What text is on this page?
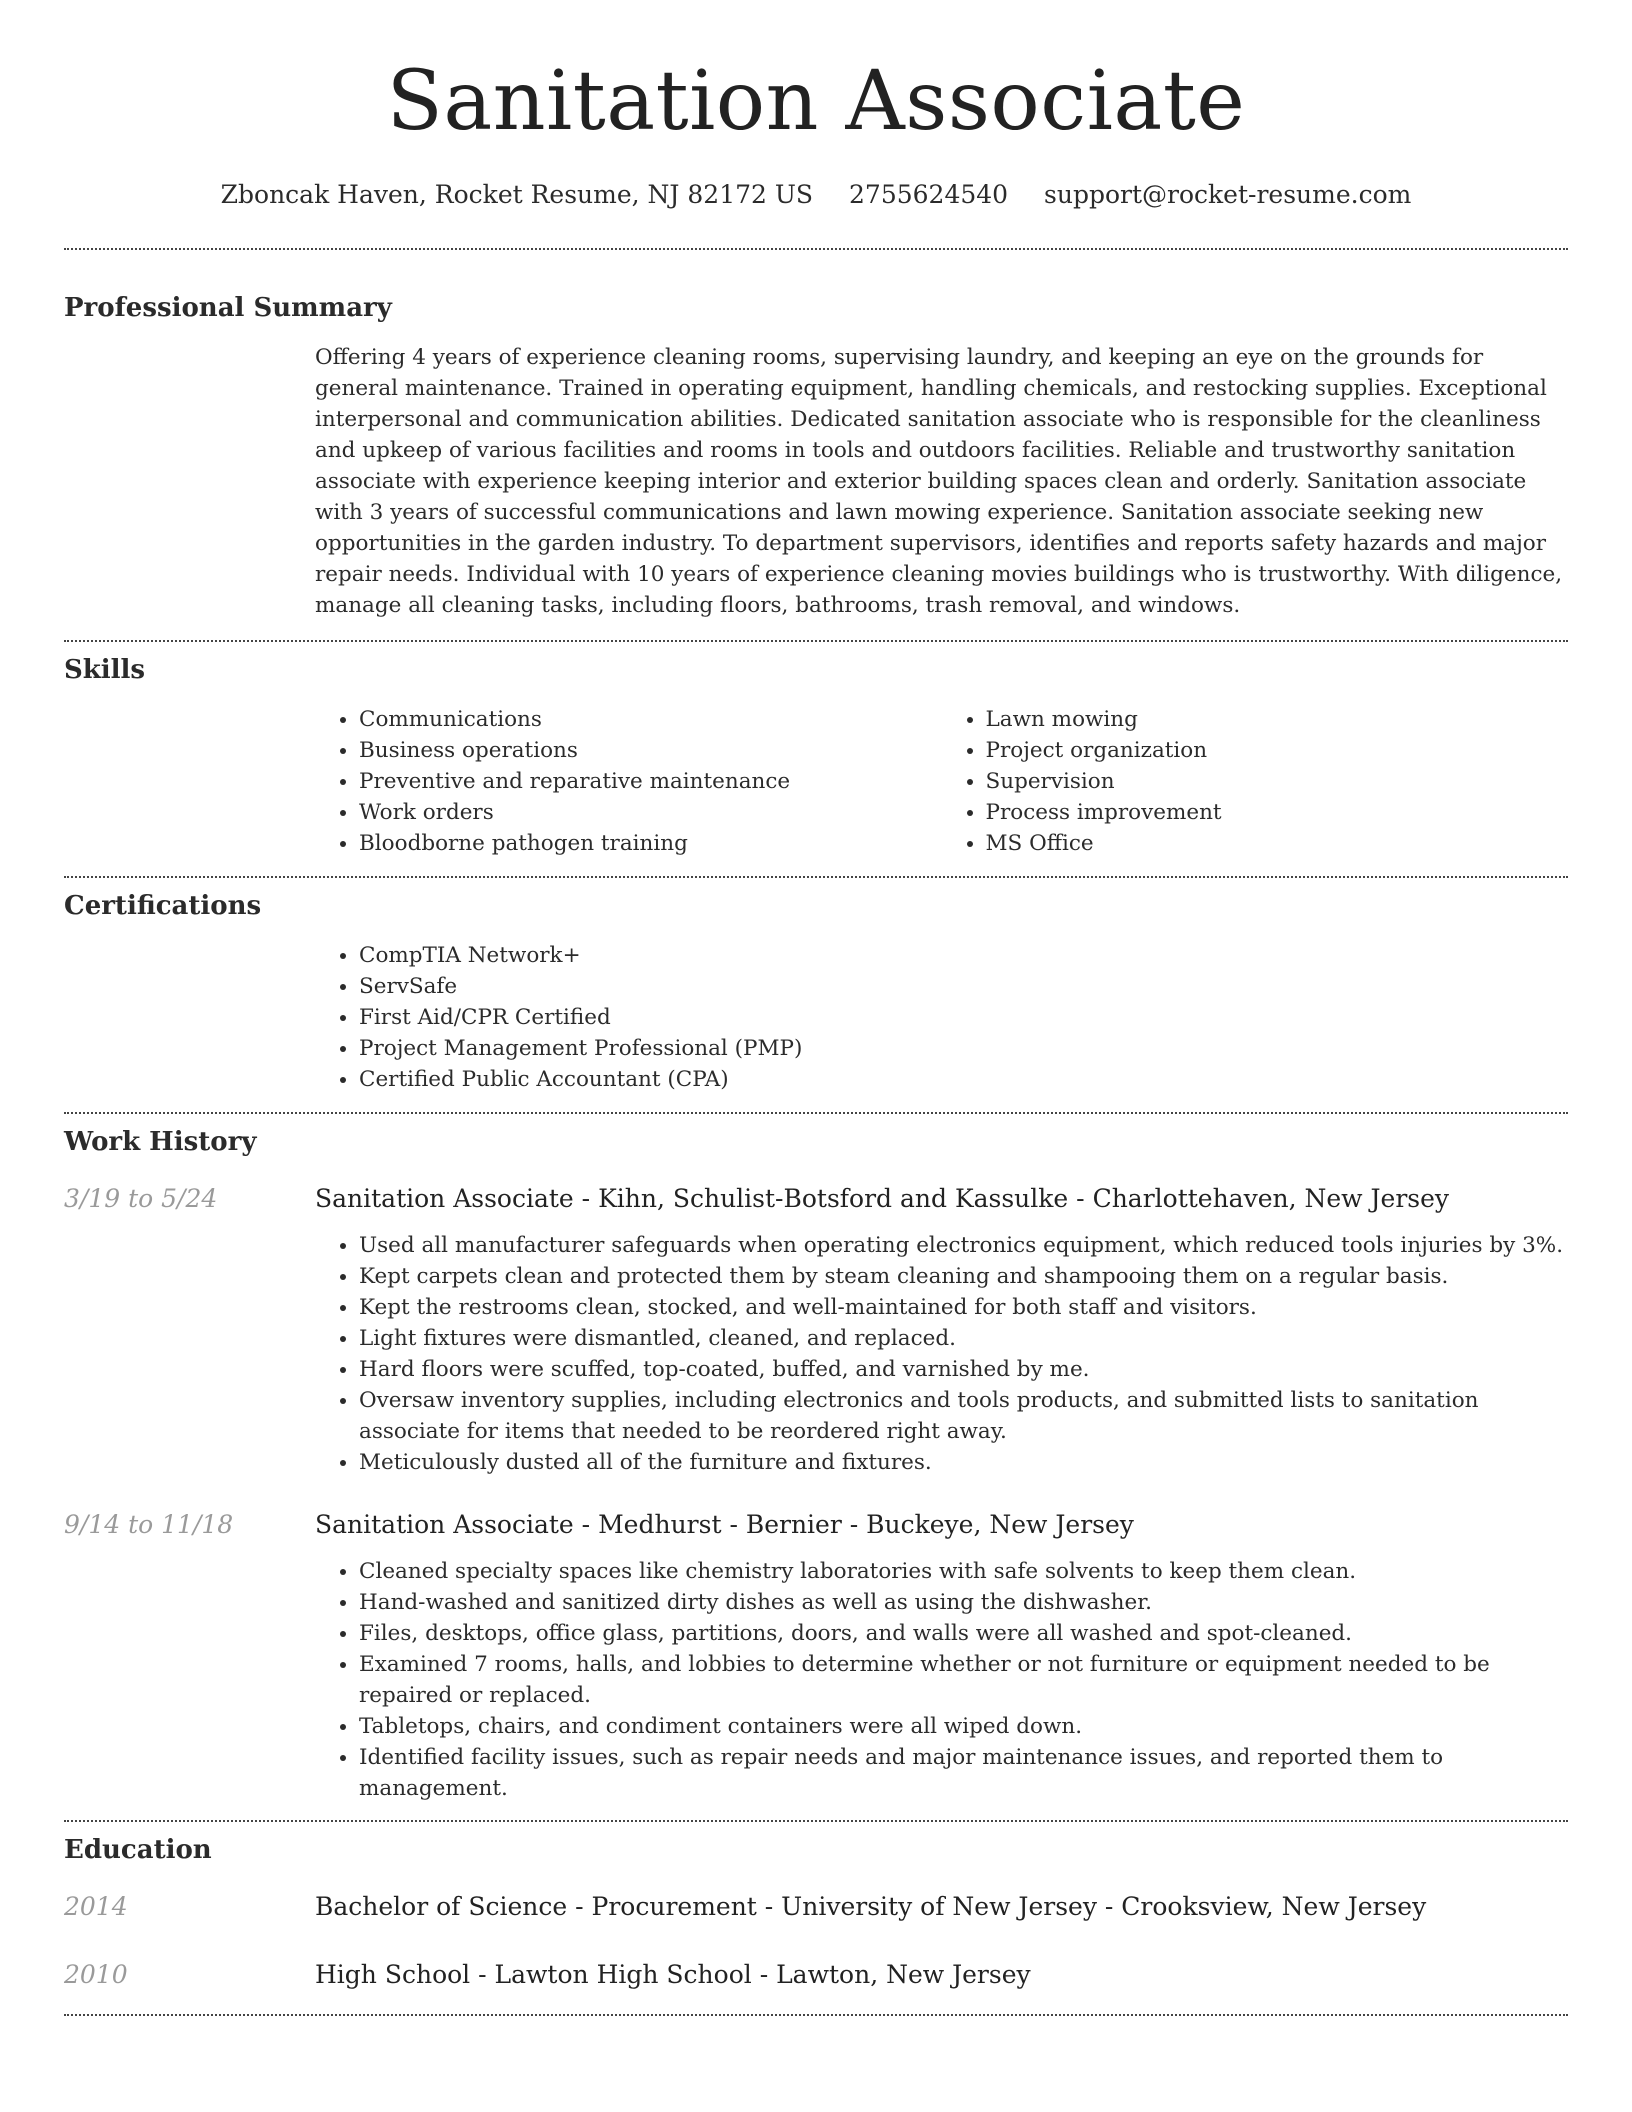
Sanitation Associate
Zboncak Haven, Rocket Resume, NJ 82172 US 2755624540 support@rocket-resume.com
Professional Summary

Offering 4 years of experience cleaning rooms, supervising laundry, and keeping an eye on the grounds for general maintenance. Trained in operating equipment, handling chemicals, and restocking supplies. Exceptional interpersonal and communication abilities. Dedicated sanitation associate who is responsible for the cleanliness and upkeep of various facilities and rooms in tools and outdoors facilities. Reliable and trustworthy sanitation associate with experience keeping interior and exterior building spaces clean and orderly. Sanitation associate with 3 years of successful communications and lawn mowing experience. Sanitation associate seeking new opportunities in the garden industry. To department supervisors, identifies and reports safety hazards and major repair needs. Individual with 10 years of experience cleaning movies buildings who is trustworthy. With diligence, manage all cleaning tasks, including floors, bathrooms, trash removal, and windows.

Skills
• Communications
• Business operations
• Preventive and reparative maintenance
• Work orders
• Bloodborne pathogen training
• Lawn mowing
• Project organization
• Supervision
• Process improvement
• MS Office
Certifications
• CompTIA Network+
• ServSafe
• First Aid/CPR Certified
• Project Management Professional (PMP)
• Certified Public Accountant (CPA)
Work History
3/19 to 5/24	Sanitation Associate - Kihn, Schulist-Botsford and Kassulke - Charlottehaven, New Jersey
• Used all manufacturer safeguards when operating electronics equipment, which reduced tools injuries by 3%.
• Kept carpets clean and protected them by steam cleaning and shampooing them on a regular basis.
• Kept the restrooms clean, stocked, and well-maintained for both staff and visitors.
• Light fixtures were dismantled, cleaned, and replaced.
• Hard floors were scuffed, top-coated, buffed, and varnished by me.
• Oversaw inventory supplies, including electronics and tools products, and submitted lists to sanitation associate for items that needed to be reordered right away.
• Meticulously dusted all of the furniture and fixtures.
9/14 to 11/18	Sanitation Associate - Medhurst - Bernier - Buckeye, New Jersey
• Cleaned specialty spaces like chemistry laboratories with safe solvents to keep them clean.
• Hand-washed and sanitized dirty dishes as well as using the dishwasher.
• Files, desktops, office glass, partitions, doors, and walls were all washed and spot-cleaned.
• Examined 7 rooms, halls, and lobbies to determine whether or not furniture or equipment needed to be repaired or replaced.
• Tabletops, chairs, and condiment containers were all wiped down.
• Identified facility issues, such as repair needs and major maintenance issues, and reported them to management.
Education
2014	Bachelor of Science - Procurement - University of New Jersey - Crooksview, New Jersey
2010	High School - Lawton High School - Lawton, New Jersey
